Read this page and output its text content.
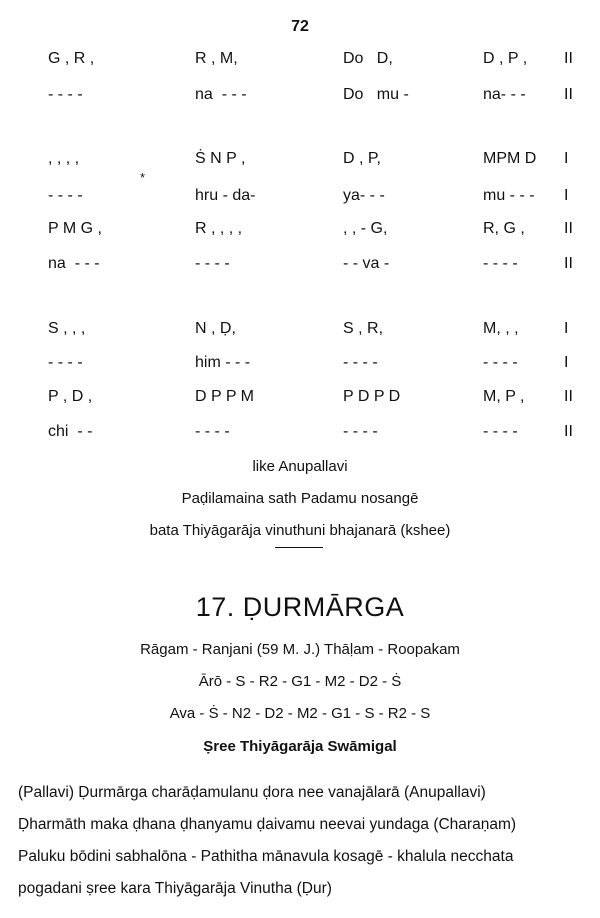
72
G , R ,	R , M,	Do   D,	D , P , II
- - - -	na  - - -	Do   mu -	na- - - II
, , , ,	Ṡ N P ,	D , P,	MPM D I
*
- - - -	hru - da-	ya- - -	mu - - - I
P M G ,	R , , , ,	, , - G,	R, G , II
na  - - -	- - - -	- - va -	- - - -	II
S , , ,	N , Ḍ,	S , R,	M, , ,	I
- - - -	him - - -	- - - -	- - - -	I
P , D ,	D P P M	P D P D	M, P , II
chi  - -	- - - -	- - - -	- - - -	II
like Anupallavi
Paḍilamaina sath Padamu nosangē
bata Thiyāgarāja vinuthuni bhajanarā (kshee)
17. ḌURMĀRGA
Rāgam - Ranjani (59 M. J.) Thāḷam - Roopakam
Ārō - S - R2 - G1 - M2 - D2 - Ṡ
Ava - Ṡ - N2 - D2 - M2 - G1 - S - R2 - S
Ṣree Thiyāgarāja Swāmigal
(Pallavi) Ḍurmārga charāḍamulanu ḍora nee vanajālarā (Anupallavi)
Ḍharmāth maka ḍhana ḍhanyamu ḍaivamu neevai yundaga (Charaṇam)
Paluku bōdini sabhalōna - Pathitha mānavula kosagē - khalula necchata
pogadani ṣree kara Thiyāgarāja Vinutha (Ḍur)
